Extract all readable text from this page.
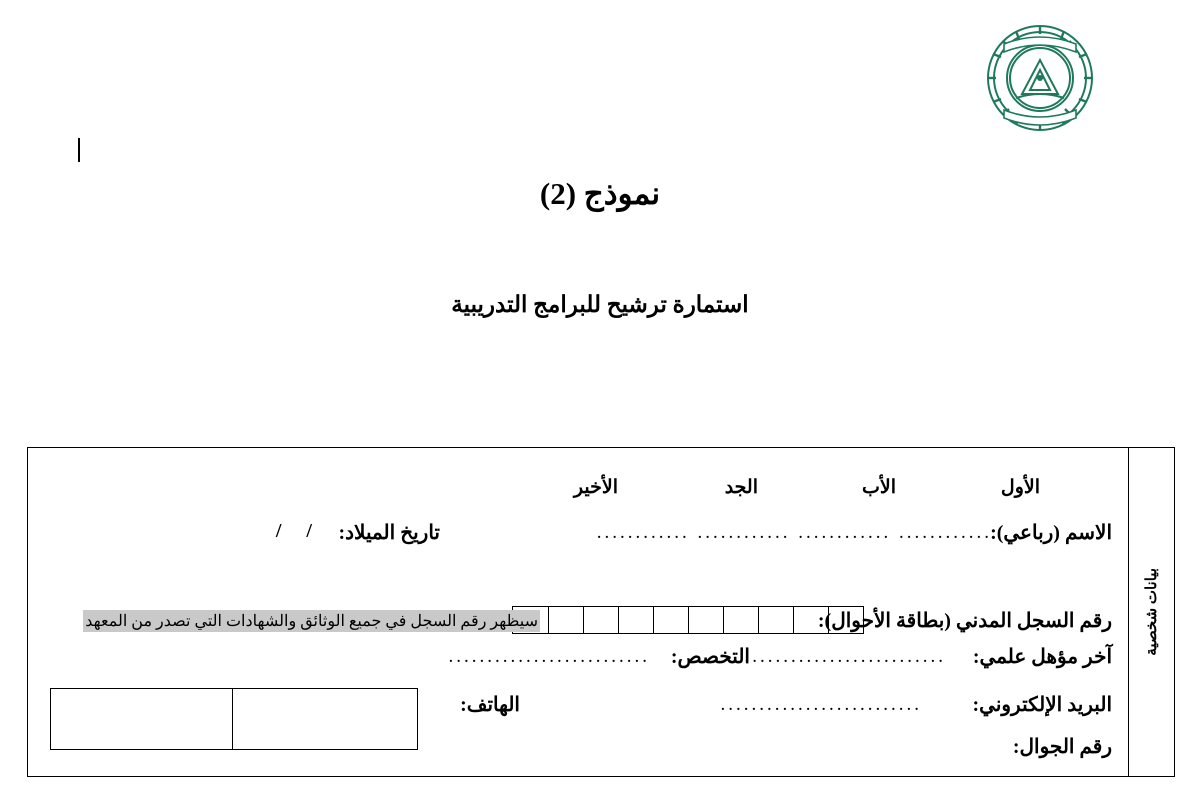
نموذج (2)
استمارة ترشيح للبرامج التدريبية
بيانات شخصية
الأول
الأب
الجد
الأخير
الاسم (رباعي):
............ ............ ............ ............
تاريخ الميلاد:
/ /
رقم السجل المدني (بطاقة الأحوال):
سيظهر رقم السجل في جميع الوثائق والشهادات التي تصدر من المعهد
آخر مؤهل علمي:
..........................
التخصص:
..........................
البريد الإلكتروني:
..........................
الهاتف:
رقم الجوال:
